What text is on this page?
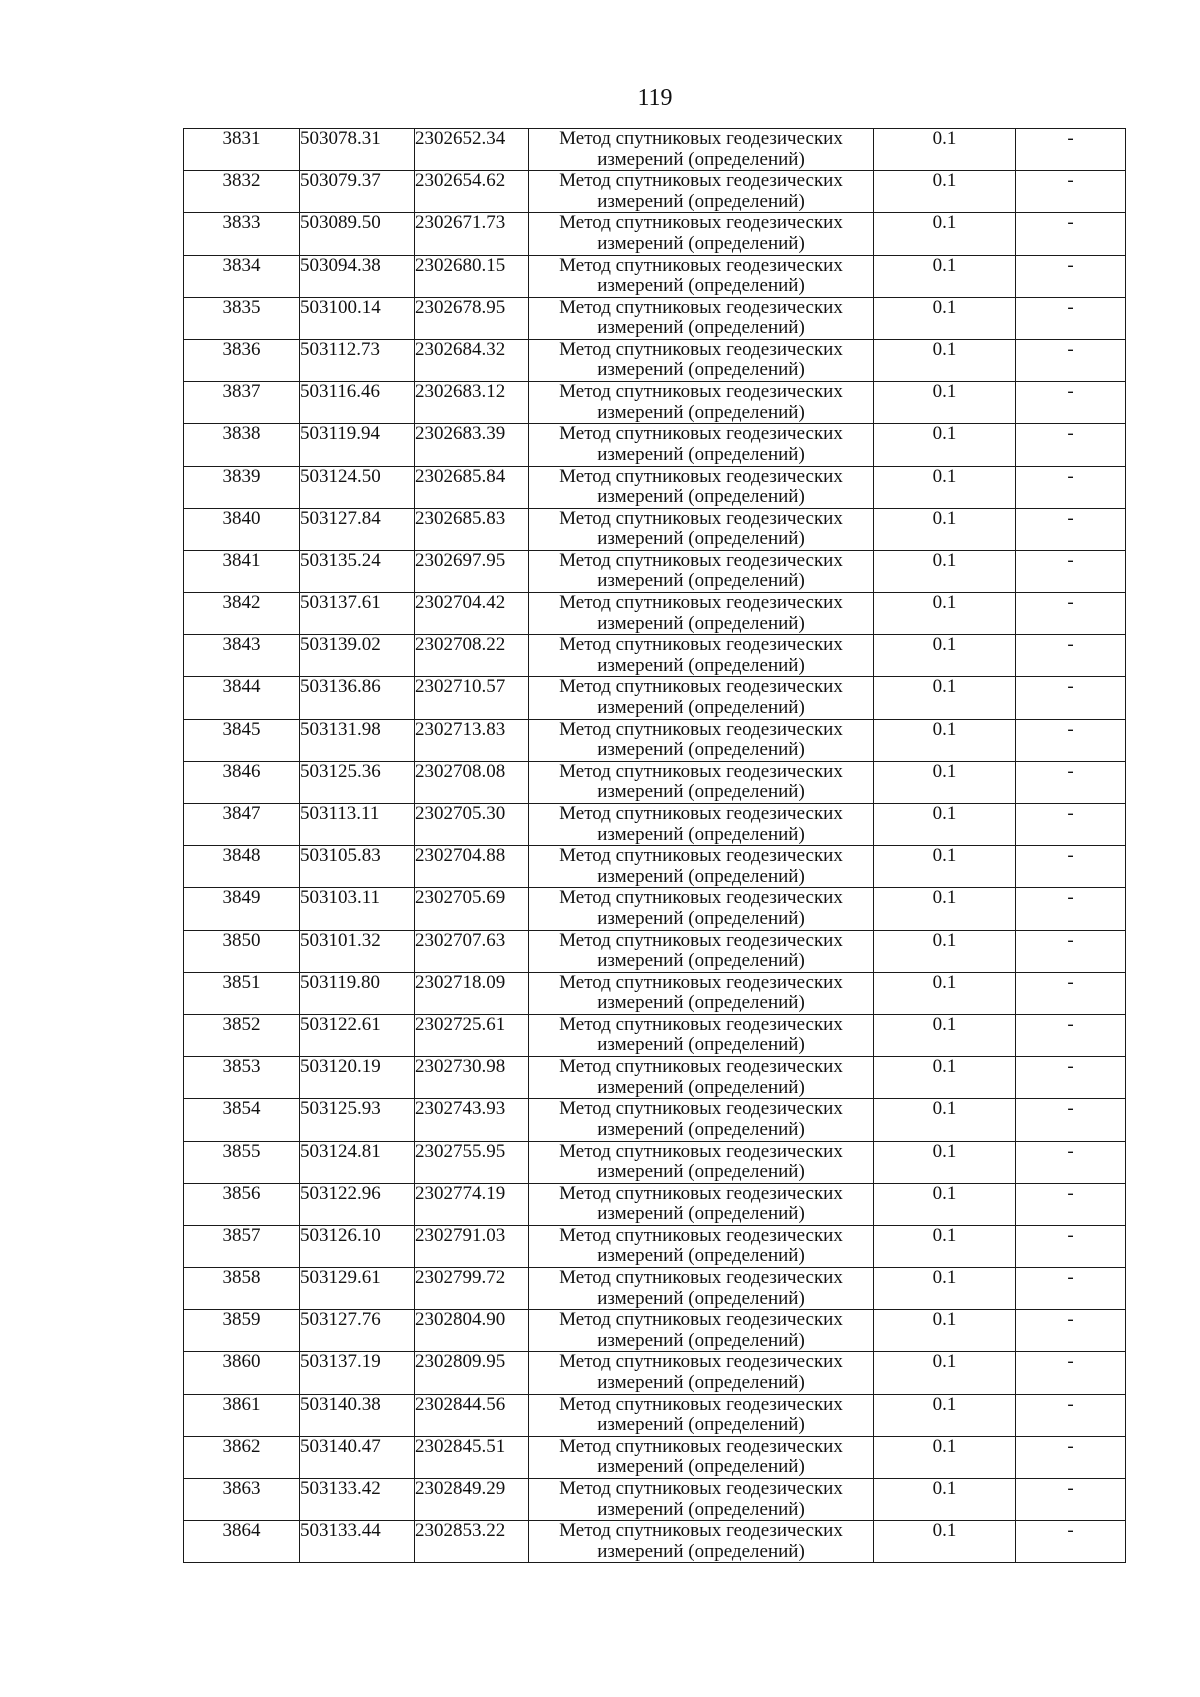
119
3831	503078.31	2302652.34	Метод спутниковых геодезических
измерений (определений)	0.1	-
3832	503079.37	2302654.62	Метод спутниковых геодезических
измерений (определений)	0.1	-
3833	503089.50	2302671.73	Метод спутниковых геодезических
измерений (определений)	0.1	-
3834	503094.38	2302680.15	Метод спутниковых геодезических
измерений (определений)	0.1	-
3835	503100.14	2302678.95	Метод спутниковых геодезических
измерений (определений)	0.1	-
3836	503112.73	2302684.32	Метод спутниковых геодезических
измерений (определений)	0.1	-
3837	503116.46	2302683.12	Метод спутниковых геодезических
измерений (определений)	0.1	-
3838	503119.94	2302683.39	Метод спутниковых геодезических
измерений (определений)	0.1	-
3839	503124.50	2302685.84	Метод спутниковых геодезических
измерений (определений)	0.1	-
3840	503127.84	2302685.83	Метод спутниковых геодезических
измерений (определений)	0.1	-
3841	503135.24	2302697.95	Метод спутниковых геодезических
измерений (определений)	0.1	-
3842	503137.61	2302704.42	Метод спутниковых геодезических
измерений (определений)	0.1	-
3843	503139.02	2302708.22	Метод спутниковых геодезических
измерений (определений)	0.1	-
3844	503136.86	2302710.57	Метод спутниковых геодезических
измерений (определений)	0.1	-
3845	503131.98	2302713.83	Метод спутниковых геодезических
измерений (определений)	0.1	-
3846	503125.36	2302708.08	Метод спутниковых геодезических
измерений (определений)	0.1	-
3847	503113.11	2302705.30	Метод спутниковых геодезических
измерений (определений)	0.1	-
3848	503105.83	2302704.88	Метод спутниковых геодезических
измерений (определений)	0.1	-
3849	503103.11	2302705.69	Метод спутниковых геодезических
измерений (определений)	0.1	-
3850	503101.32	2302707.63	Метод спутниковых геодезических
измерений (определений)	0.1	-
3851	503119.80	2302718.09	Метод спутниковых геодезических
измерений (определений)	0.1	-
3852	503122.61	2302725.61	Метод спутниковых геодезических
измерений (определений)	0.1	-
3853	503120.19	2302730.98	Метод спутниковых геодезических
измерений (определений)	0.1	-
3854	503125.93	2302743.93	Метод спутниковых геодезических
измерений (определений)	0.1	-
3855	503124.81	2302755.95	Метод спутниковых геодезических
измерений (определений)	0.1	-
3856	503122.96	2302774.19	Метод спутниковых геодезических
измерений (определений)	0.1	-
3857	503126.10	2302791.03	Метод спутниковых геодезических
измерений (определений)	0.1	-
3858	503129.61	2302799.72	Метод спутниковых геодезических
измерений (определений)	0.1	-
3859	503127.76	2302804.90	Метод спутниковых геодезических
измерений (определений)	0.1	-
3860	503137.19	2302809.95	Метод спутниковых геодезических
измерений (определений)	0.1	-
3861	503140.38	2302844.56	Метод спутниковых геодезических
измерений (определений)	0.1	-
3862	503140.47	2302845.51	Метод спутниковых геодезических
измерений (определений)	0.1	-
3863	503133.42	2302849.29	Метод спутниковых геодезических
измерений (определений)	0.1	-
3864	503133.44	2302853.22	Метод спутниковых геодезических
измерений (определений)	0.1	-
